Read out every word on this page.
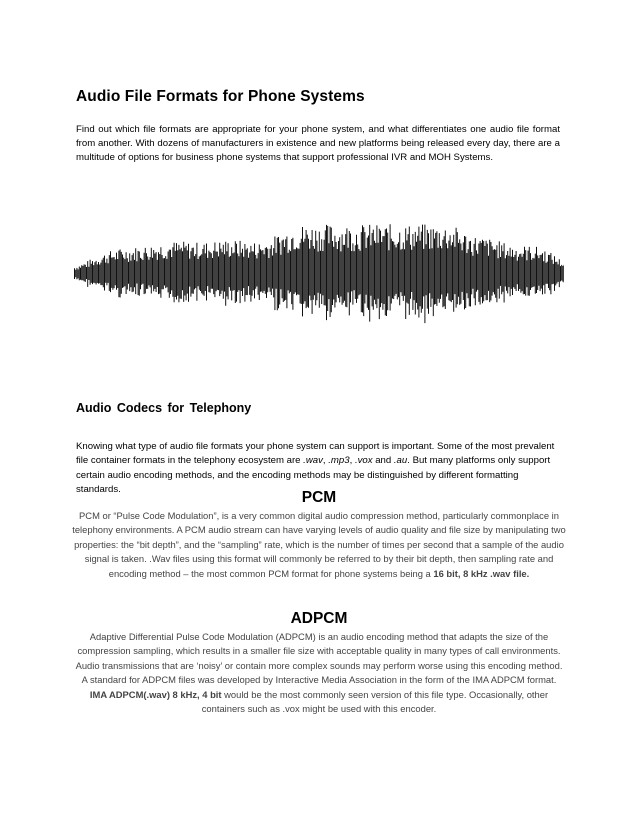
Audio File Formats for Phone Systems

Find out which file formats are appropriate for your phone system, and what differentiates one audio file format from another. With dozens of manufacturers in existence and new platforms being released every day, there are a multitude of options for business phone systems that support professional IVR and MOH Systems.

Audio Codecs for Telephony

Knowing what type of audio file formats your phone system can support is important. Some of the most prevalent file container formats in the telephony ecosystem are .wav, .mp3, .vox and .au. But many platforms only support certain audio encoding methods, and the encoding methods may be distinguished by different formatting standards.	PCM

PCM or “Pulse Code Modulation”, is a very common digital audio compression method, particularly commonplace in telephony environments. A PCM audio stream can have varying levels of audio quality and file size by manipulating two properties: the “bit depth”, and the “sampling” rate, which is the number of times per second that a sample of the audio signal is taken. .Wav files using this format will commonly be referred to by their bit depth, then sampling rate and encoding method – the most common PCM format for phone systems being a 16 bit, 8 kHz .wav file.

ADPCM

Adaptive Differential Pulse Code Modulation (ADPCM) is an audio encoding method that adapts the size of the compression sampling, which results in a smaller file size with acceptable quality in many types of call environments. Audio transmissions that are ‘noisy’ or contain more complex sounds may perform worse using this encoding method. A standard for ADPCM files was developed by Interactive Media Association in the form of the IMA ADPCM format. IMA ADPCM(.wav) 8 kHz, 4 bit would be the most commonly seen version of this file type. Occasionally, other containers such as .vox might be used with this encoder.
